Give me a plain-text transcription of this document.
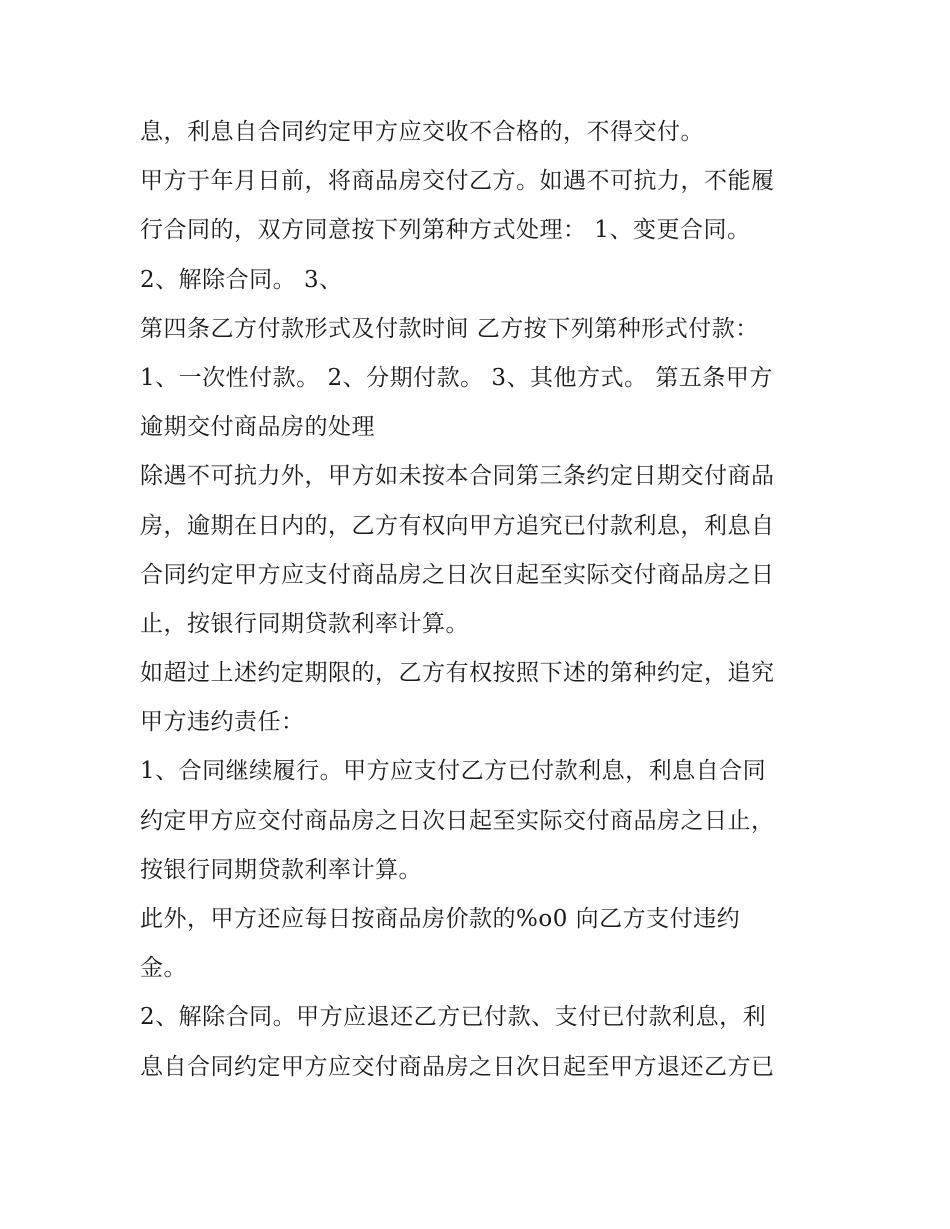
息，利息自合同约定甲方应交收不合格的，不得交付。
甲方于年月日前，将商品房交付乙方。如遇不可抗力，不能履
行合同的，双方同意按下列第种方式处理： 1、变更合同。
2、解除合同。 3、
第四条乙方付款形式及付款时间 乙方按下列第种形式付款：
1、一次性付款。 2、分期付款。 3、其他方式。 第五条甲方
逾期交付商品房的处理
除遇不可抗力外，甲方如未按本合同第三条约定日期交付商品
房，逾期在日内的，乙方有权向甲方追究已付款利息，利息自
合同约定甲方应支付商品房之日次日起至实际交付商品房之日
止，按银行同期贷款利率计算。
如超过上述约定期限的，乙方有权按照下述的第种约定，追究
甲方违约责任：
1、合同继续履行。甲方应支付乙方已付款利息，利息自合同
约定甲方应交付商品房之日次日起至实际交付商品房之日止，
按银行同期贷款利率计算。
此外，甲方还应每日按商品房价款的%o0 向乙方支付违约
金。
2、解除合同。甲方应退还乙方已付款、支付已付款利息，利
息自合同约定甲方应交付商品房之日次日起至甲方退还乙方已
